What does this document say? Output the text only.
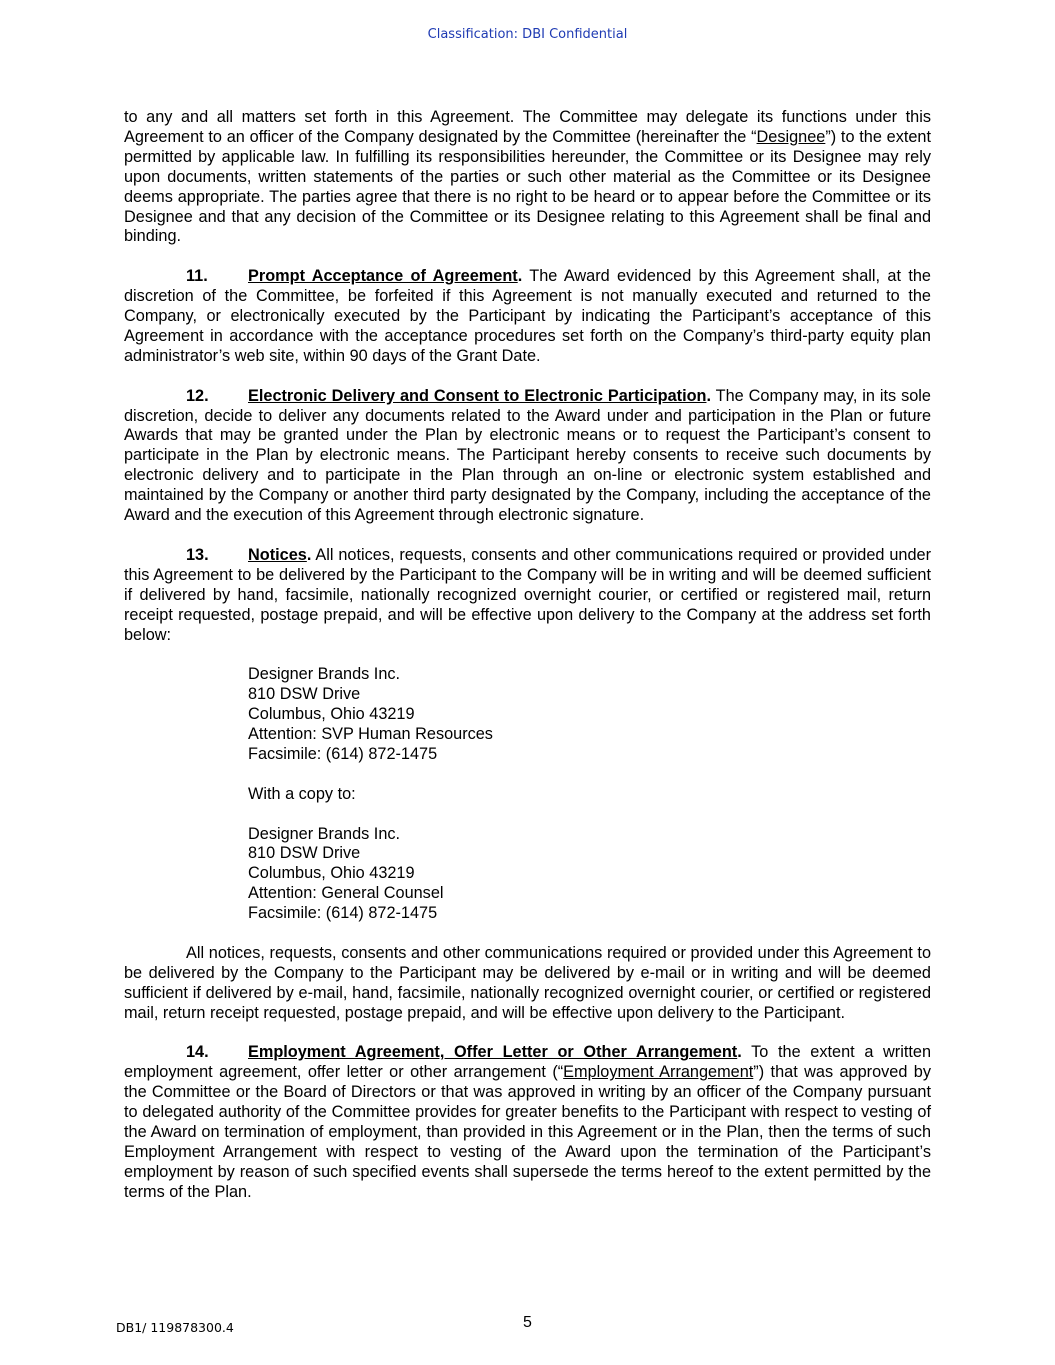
Classification: DBI Confidential

to any and all matters set forth in this Agreement. The Committee may delegate its functions under this Agreement to an officer of the Company designated by the Committee (hereinafter the “Designee”) to the extent permitted by applicable law. In fulfilling its responsibilities hereunder, the Committee or its Designee may rely upon documents, written statements of the parties or such other material as the Committee or its Designee deems appropriate. The parties agree that there is no right to be heard or to appear before the Committee or its Designee and that any decision of the Committee or its Designee relating to this Agreement shall be final and binding.

11. Prompt Acceptance of Agreement. The Award evidenced by this Agreement shall, at the discretion of the Committee, be forfeited if this Agreement is not manually executed and returned to the Company, or electronically executed by the Participant by indicating the Participant’s acceptance of this Agreement in accordance with the acceptance procedures set forth on the Company’s third-party equity plan administrator’s web site, within 90 days of the Grant Date.

12. Electronic Delivery and Consent to Electronic Participation. The Company may, in its sole discretion, decide to deliver any documents related to the Award under and participation in the Plan or future Awards that may be granted under the Plan by electronic means or to request the Participant’s consent to participate in the Plan by electronic means. The Participant hereby consents to receive such documents by electronic delivery and to participate in the Plan through an on-line or electronic system established and maintained by the Company or another third party designated by the Company, including the acceptance of the Award and the execution of this Agreement through electronic signature.

13. Notices. All notices, requests, consents and other communications required or provided under this Agreement to be delivered by the Participant to the Company will be in writing and will be deemed sufficient if delivered by hand, facsimile, nationally recognized overnight courier, or certified or registered mail, return receipt requested, postage prepaid, and will be effective upon delivery to the Company at the address set forth below:

Designer Brands Inc.
810 DSW Drive
Columbus, Ohio 43219
Attention: SVP Human Resources
Facsimile: (614) 872-1475
With a copy to:
Designer Brands Inc.
810 DSW Drive
Columbus, Ohio 43219
Attention: General Counsel
Facsimile: (614) 872-1475

All notices, requests, consents and other communications required or provided under this Agreement to be delivered by the Company to the Participant may be delivered by e-mail or in writing and will be deemed sufficient if delivered by e-mail, hand, facsimile, nationally recognized overnight courier, or certified or registered mail, return receipt requested, postage prepaid, and will be effective upon delivery to the Participant.

14. Employment Agreement, Offer Letter or Other Arrangement. To the extent a written employment agreement, offer letter or other arrangement (“Employment Arrangement”) that was approved by the Committee or the Board of Directors or that was approved in writing by an officer of the Company pursuant to delegated authority of the Committee provides for greater benefits to the Participant with respect to vesting of the Award on termination of employment, than provided in this Agreement or in the Plan, then the terms of such Employment Arrangement with respect to vesting of the Award upon the termination of the Participant’s employment by reason of such specified events shall supersede the terms hereof to the extent permitted by the terms of the Plan.

DB1/ 119878300.4	5
